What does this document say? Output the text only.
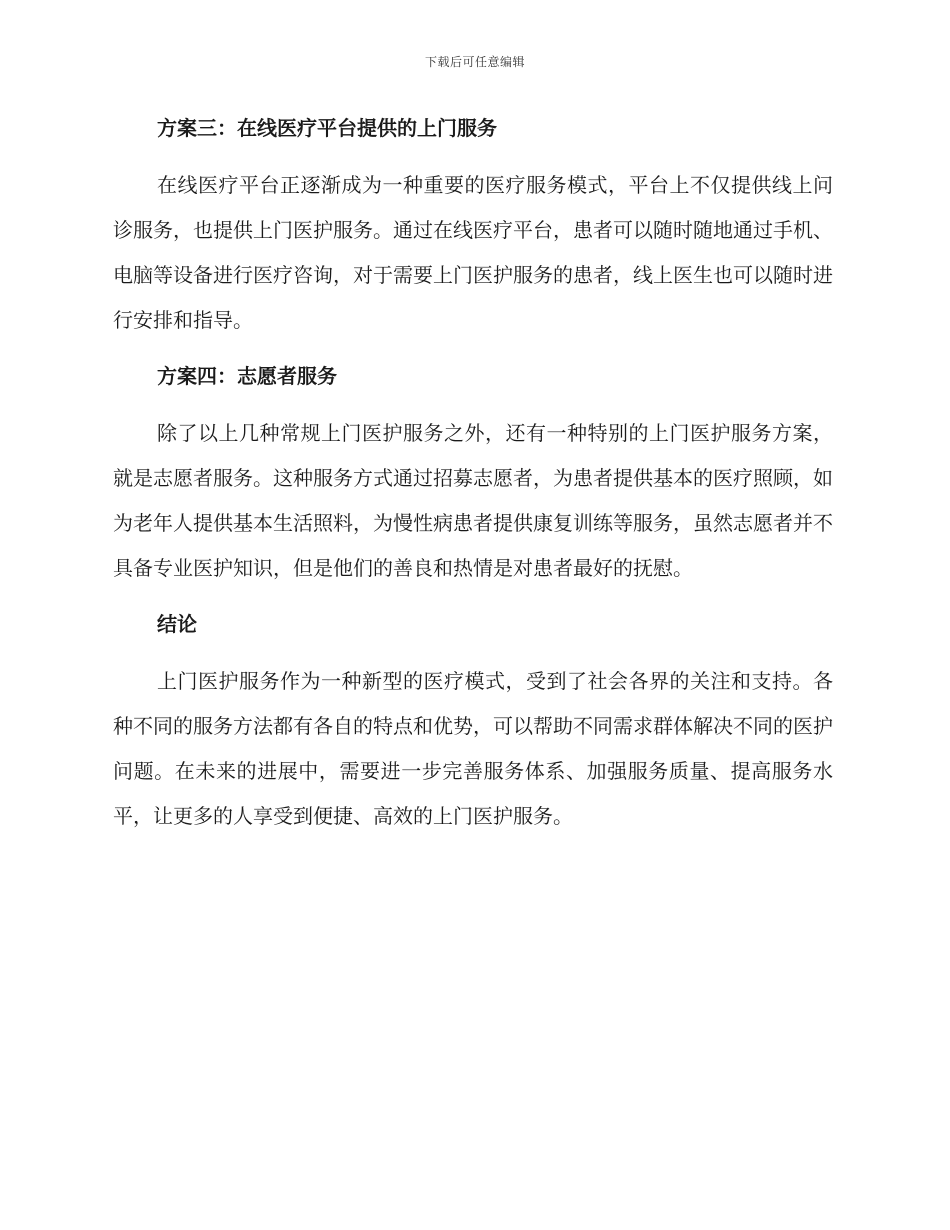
下载后可任意编辑
方案三：在线医疗平台提供的上门服务

在线医疗平台正逐渐成为一种重要的医疗服务模式，平台上不仅提供线上问诊服务，也提供上门医护服务。通过在线医疗平台，患者可以随时随地通过手机、电脑等设备进行医疗咨询，对于需要上门医护服务的患者，线上医生也可以随时进行安排和指导。

方案四：志愿者服务

除了以上几种常规上门医护服务之外，还有一种特别的上门医护服务方案，就是志愿者服务。这种服务方式通过招募志愿者，为患者提供基本的医疗照顾，如为老年人提供基本生活照料，为慢性病患者提供康复训练等服务，虽然志愿者并不具备专业医护知识，但是他们的善良和热情是对患者最好的抚慰。

结论

上门医护服务作为一种新型的医疗模式，受到了社会各界的关注和支持。各种不同的服务方法都有各自的特点和优势，可以帮助不同需求群体解决不同的医护问题。在未来的进展中，需要进一步完善服务体系、加强服务质量、提高服务水平，让更多的人享受到便捷、高效的上门医护服务。
